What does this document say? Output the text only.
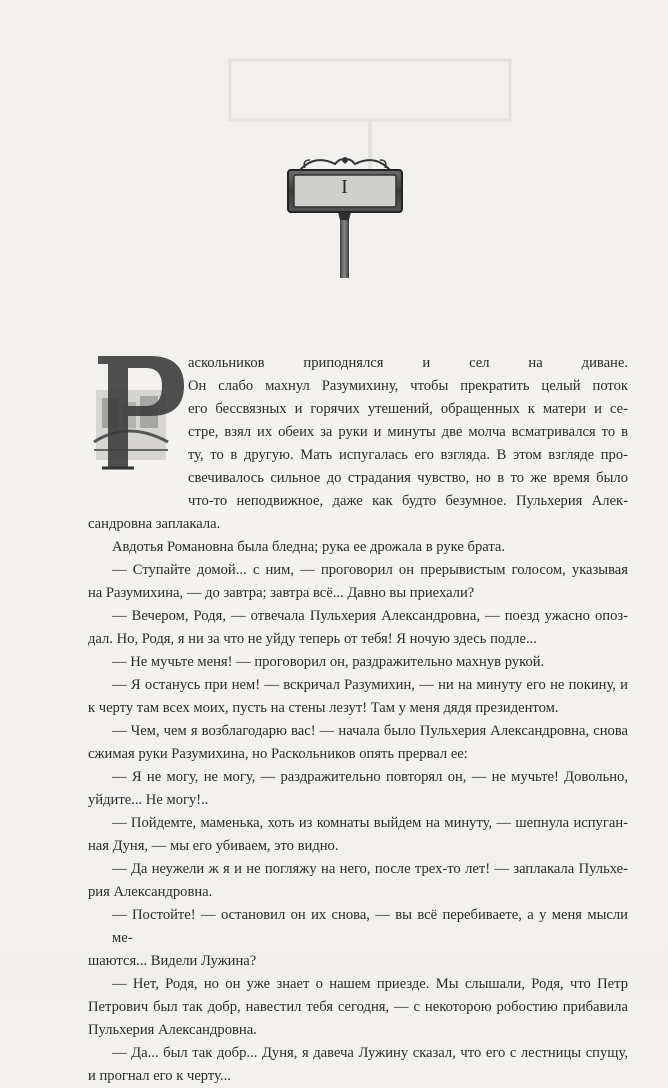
I
аскольников приподнялся и сел на диване.
Он слабо махнул Разумихину, чтобы прекратить целый поток
его бессвязных и горячих утешений, обращенных к матери и се-
стре, взял их обеих за руки и минуты две молча всматривался то в
ту, то в другую. Мать испугалась его взгляда. В этом взгляде про-
свечивалось сильное до страдания чувство, но в то же время было
что-то неподвижное, даже как будто безумное. Пульхерия Алек-
сандровна заплакала.
Авдотья Романовна была бледна; рука ее дрожала в руке брата.
— Ступайте домой... с ним, — проговорил он прерывистым голосом, указывая
на Разумихина, — до завтра; завтра всё... Давно вы приехали?
— Вечером, Родя, — отвечала Пульхерия Александровна, — поезд ужасно опоз-
дал. Но, Родя, я ни за что не уйду теперь от тебя! Я ночую здесь подле...
— Не мучьте меня! — проговорил он, раздражительно махнув рукой.
— Я останусь при нем! — вскричал Разумихин, — ни на минуту его не покину, и
к черту там всех моих, пусть на стены лезут! Там у меня дядя президентом.
— Чем, чем я возблагодарю вас! — начала было Пульхерия Александровна, снова
сжимая руки Разумихина, но Раскольников опять прервал ее:
— Я не могу, не могу, — раздражительно повторял он, — не мучьте! Довольно,
уйдите... Не могу!..
— Пойдемте, маменька, хоть из комнаты выйдем на минуту, — шепнула испуган-
ная Дуня, — мы его убиваем, это видно.
— Да неужели ж я и не погляжу на него, после трех-то лет! — заплакала Пульхе-
рия Александровна.
— Постойте! — остановил он их снова, — вы всё перебиваете, а у меня мысли ме-
шаются... Видели Лужина?
— Нет, Родя, но он уже знает о нашем приезде. Мы слышали, Родя, что Петр
Петрович был так добр, навестил тебя сегодня, — с некоторою робостию прибавила
Пульхерия Александровна.
— Да... был так добр... Дуня, я давеча Лужину сказал, что его с лестницы спущу,
и прогнал его к черту...
